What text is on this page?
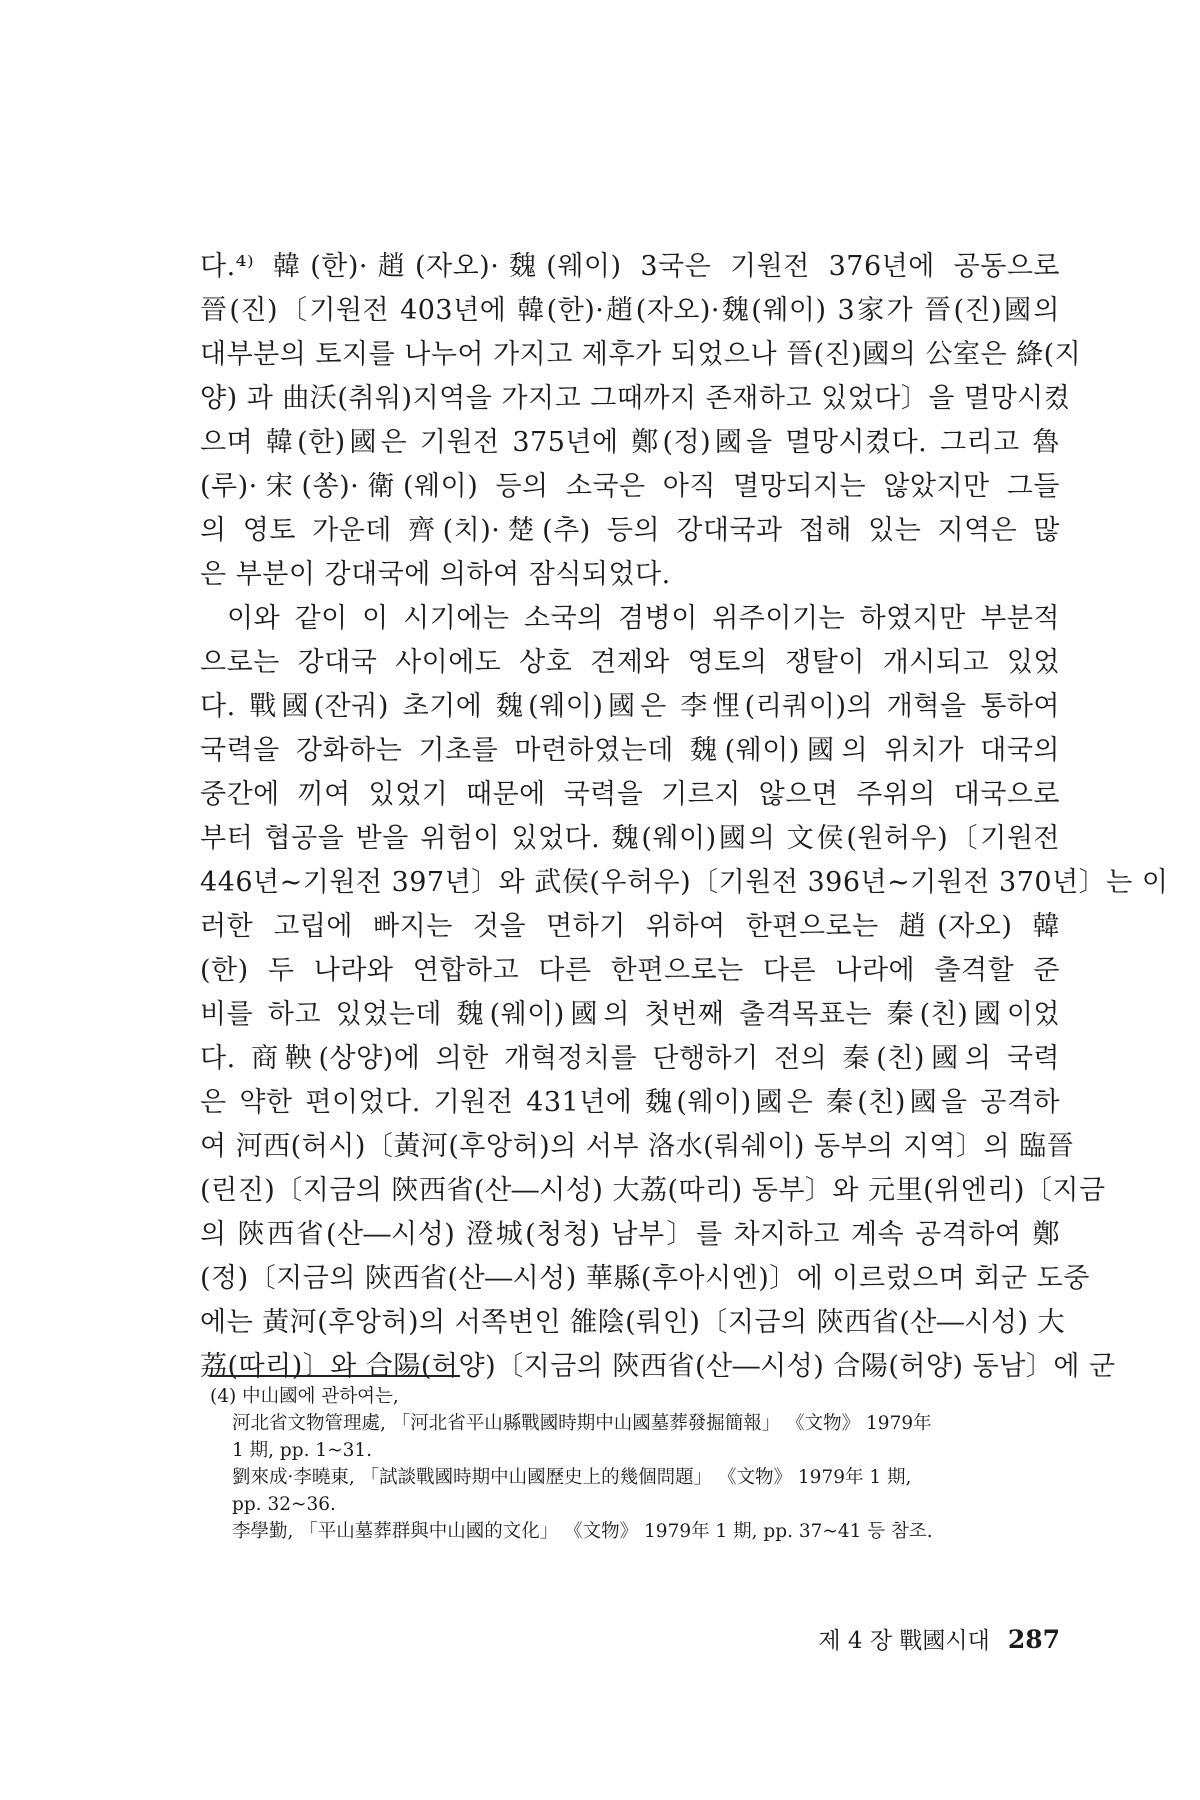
다.⁴⁾ 韓(한)·趙(자오)·魏(웨이) 3국은 기원전 376년에 공동으로
晉(진)〔기원전 403년에 韓(한)·趙(자오)·魏(웨이) 3家가 晉(진)國의
대부분의 토지를 나누어 가지고 제후가 되었으나 晉(진)國의 公室은 絳(지
양) 과 曲沃(취워)지역을 가지고 그때까지 존재하고 있었다〕을 멸망시켰
으며 韓(한)國은 기원전 375년에 鄭(정)國을 멸망시켰다. 그리고 魯
(루)·宋(쏭)·衛(웨이) 등의 소국은 아직 멸망되지는 않았지만 그들
의 영토 가운데 齊(치)·楚(추) 등의 강대국과 접해 있는 지역은 많
은 부분이 강대국에 의하여 잠식되었다.
이와 같이 이 시기에는 소국의 겸병이 위주이기는 하였지만 부분적
으로는 강대국 사이에도 상호 견제와 영토의 쟁탈이 개시되고 있었
다. 戰國(잔궈) 초기에 魏(웨이)國은 李悝(리쿼이)의 개혁을 통하여
국력을 강화하는 기초를 마련하였는데 魏(웨이)國의 위치가 대국의
중간에 끼여 있었기 때문에 국력을 기르지 않으면 주위의 대국으로
부터 협공을 받을 위험이 있었다. 魏(웨이)國의 文侯(원허우)〔기원전
446년~기원전 397년〕와 武侯(우허우)〔기원전 396년~기원전 370년〕는 이
러한 고립에 빠지는 것을 면하기 위하여 한편으로는 趙(자오) 韓
(한) 두 나라와 연합하고 다른 한편으로는 다른 나라에 출격할 준
비를 하고 있었는데 魏(웨이)國의 첫번째 출격목표는 秦(친)國이었
다. 商鞅(상양)에 의한 개혁정치를 단행하기 전의 秦(친)國의 국력
은 약한 편이었다. 기원전 431년에 魏(웨이)國은 秦(친)國을 공격하
여 河西(허시)〔黃河(후앙허)의 서부 洛水(뤄쉐이) 동부의 지역〕의 臨晉
(린진)〔지금의 陝西省(산―시성) 大荔(따리) 동부〕와 元里(위엔리)〔지금
의 陝西省(산―시성) 澄城(청청) 남부〕를 차지하고 계속 공격하여 鄭
(정)〔지금의 陝西省(산―시성) 華縣(후아시엔)〕에 이르렀으며 회군 도중
에는 黃河(후앙허)의 서쪽변인 雒陰(뤄인)〔지금의 陝西省(산―시성) 大
荔(따리)〕와 合陽(허양)〔지금의 陝西省(산―시성) 合陽(허양) 동남〕에 군
(4) 中山國에 관하여는,
河北省文物管理處, 「河北省平山縣戰國時期中山國墓葬發掘簡報」 《文物》 1979年
1 期, pp. 1~31.
劉來成·李曉東, 「試談戰國時期中山國歷史上的幾個問題」 《文物》 1979年 1 期,
pp. 32~36.
李學勤, 「平山墓葬群與中山國的文化」 《文物》 1979年 1 期, pp. 37~41 등 참조.
제 4 장 戰國시대 287
